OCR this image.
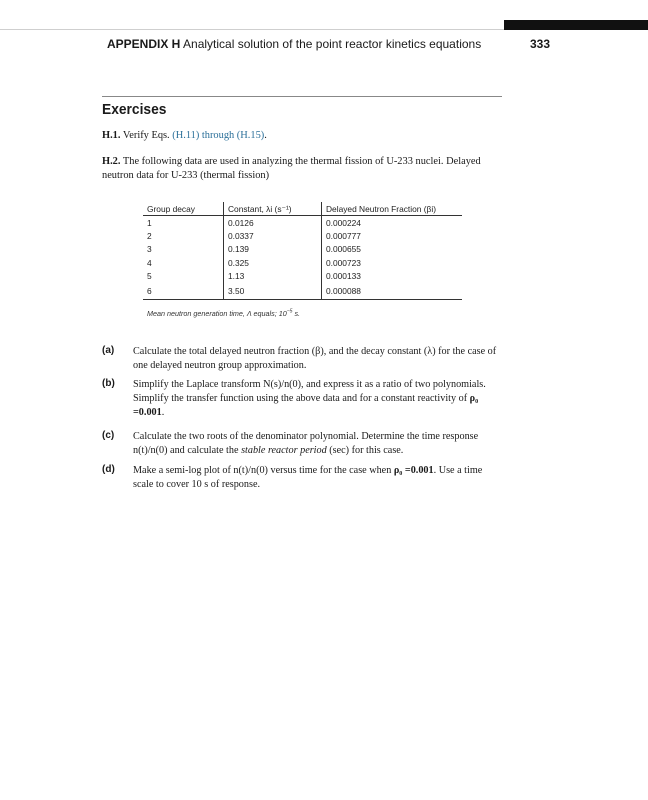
APPENDIX H Analytical solution of the point reactor kinetics equations	333
Exercises
H.1. Verify Eqs. (H.11) through (H.15).
H.2. The following data are used in analyzing the thermal fission of U-233 nuclei. Delayed neutron data for U-233 (thermal fission)
Group decay	Constant, λi (s⁻¹)	Delayed Neutron Fraction (βi)
1	0.0126	0.000224
2	0.0337	0.000777
3	0.139	0.000655
4	0.325	0.000723
5	1.13	0.000133
6	3.50	0.000088
Mean neutron generation time, Λ equals; $10^{-5}$ s.
(a) Calculate the total delayed neutron fraction (β), and the decay constant (λ) for the case of one delayed neutron group approximation.
(b) Simplify the Laplace transform N(s)/n(0), and express it as a ratio of two polynomials. Simplify the transfer function using the above data and for a constant reactivity of ρ₀ =0.001.
(c) Calculate the two roots of the denominator polynomial. Determine the time response n(t)/n(0) and calculate the stable reactor period (sec) for this case.
(d) Make a semi-log plot of n(t)/n(0) versus time for the case when ρ₀ =0.001. Use a time scale to cover 10 s of response.
